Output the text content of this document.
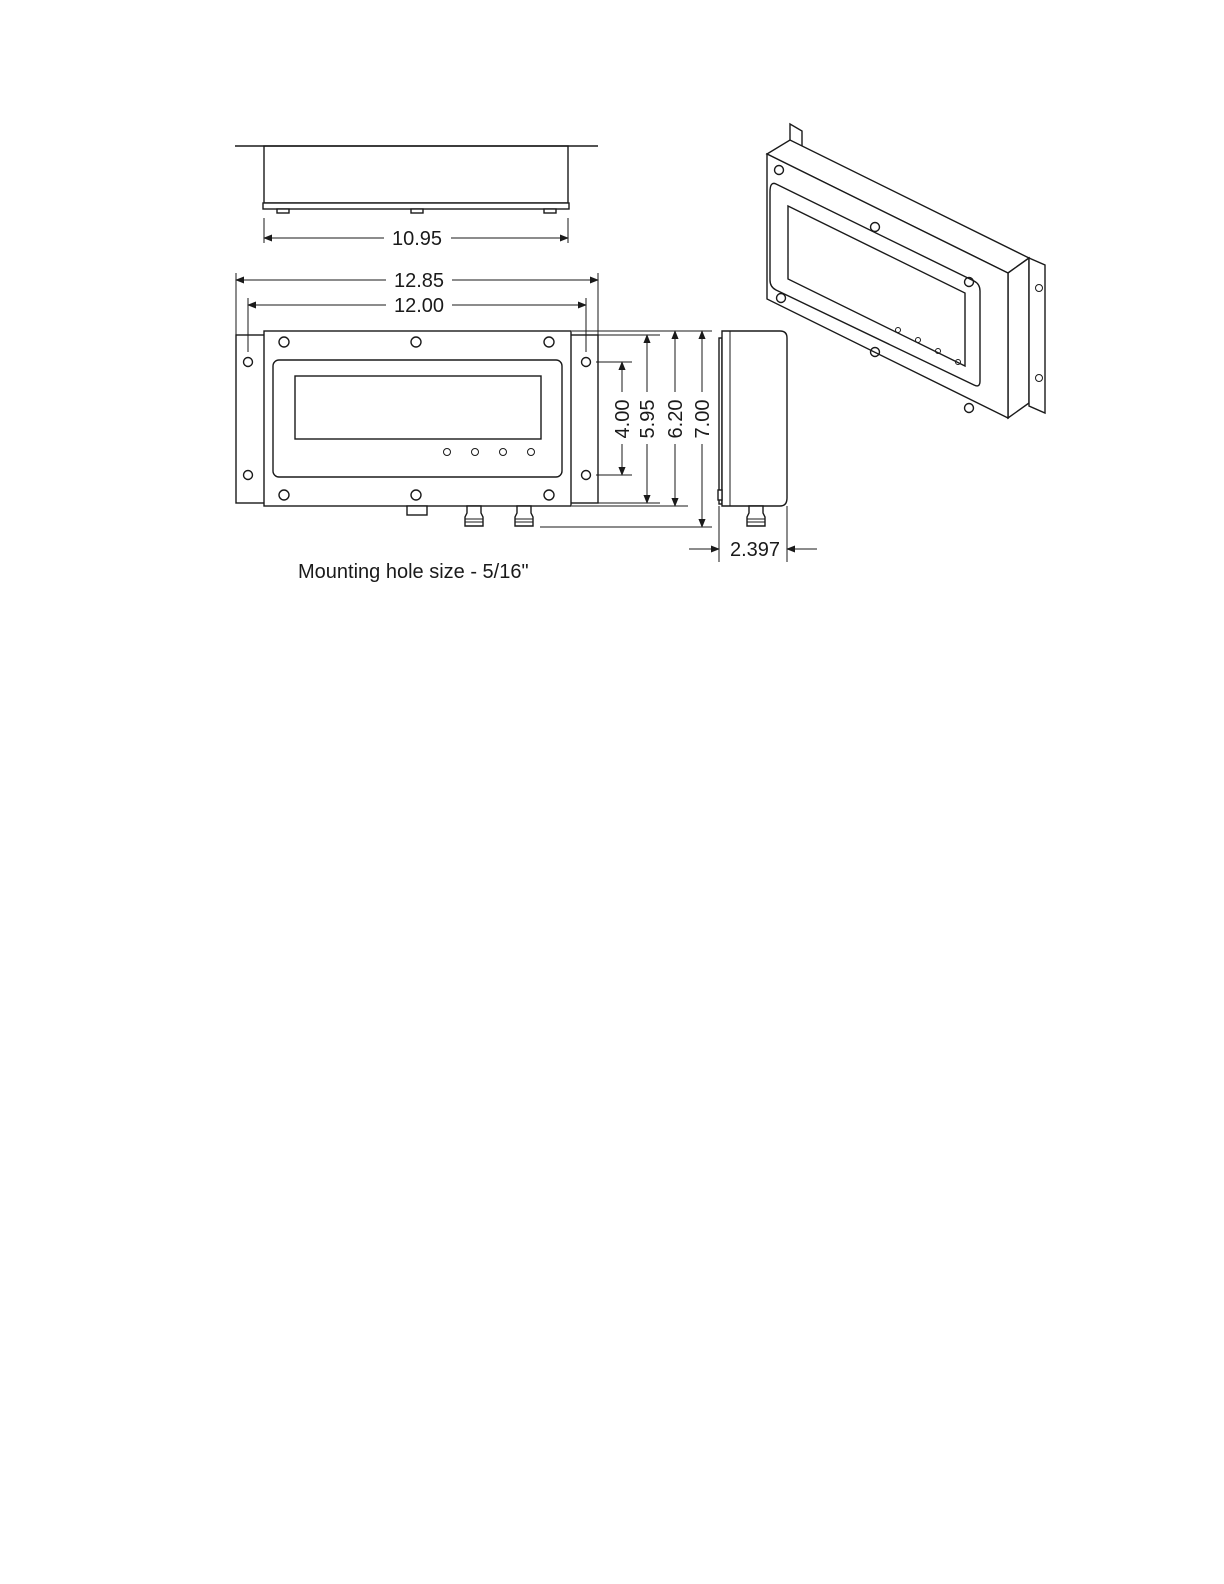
10.95
12.85
12.00
4.00 5.95 6.20 7.00
2.397
Mounting hole size - 5/16"
